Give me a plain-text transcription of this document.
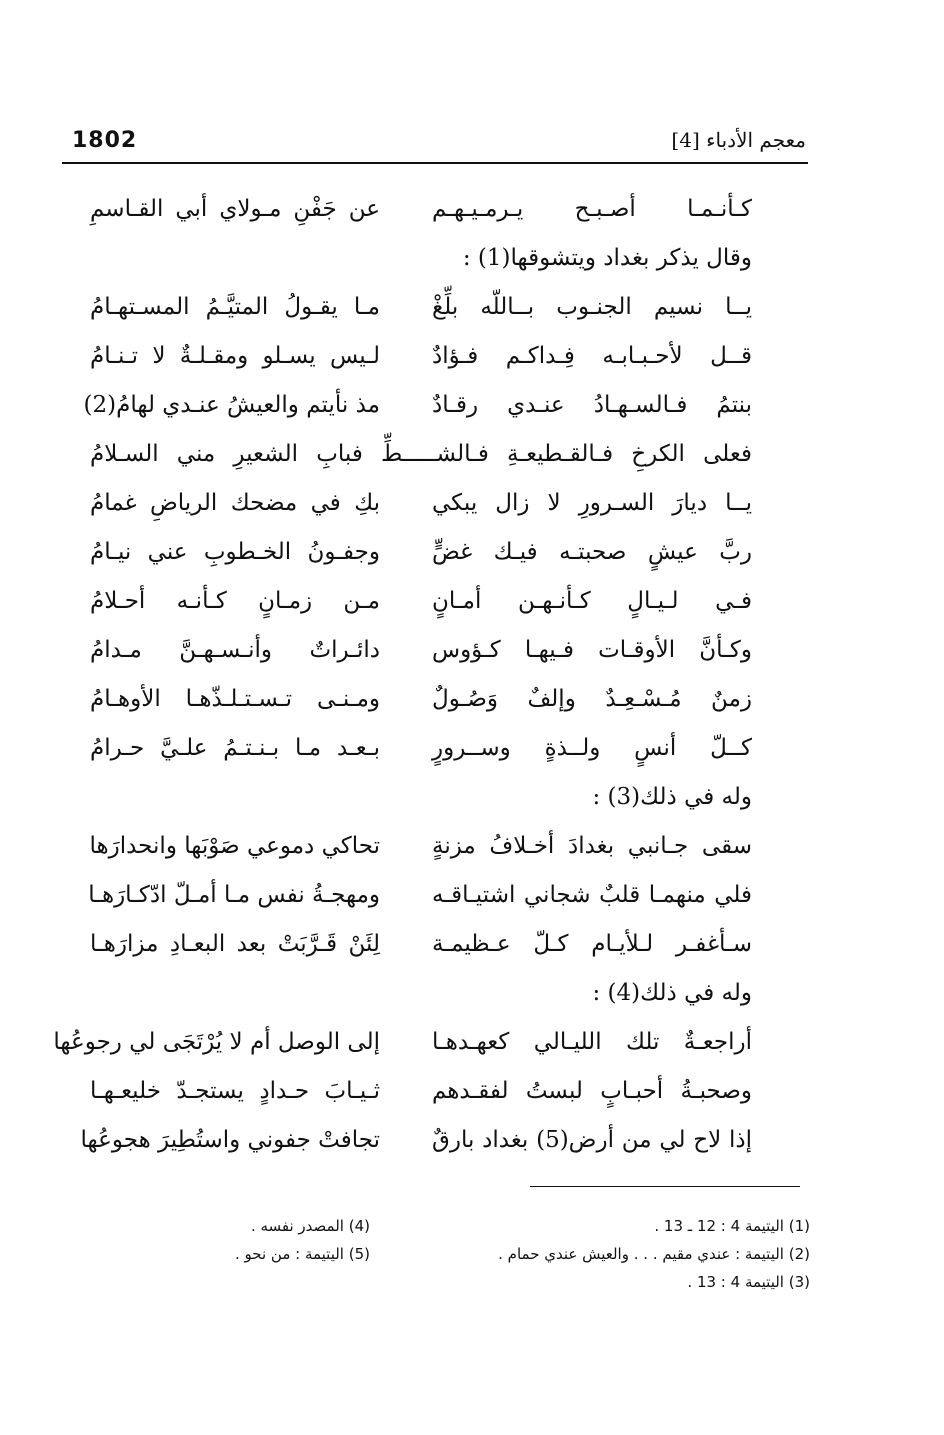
1802	معجم الأدباء [4]
كـأنـمـا أصـبـح يـرمـيـهـم
عن جَفْنِ مـولاي أبي القـاسمِ
وقال يذكر بغداد ويتشوقها(1) :
يــا نسيم الجنـوب بــاللّه بلِّغْ
مـا يقـولُ المتيَّـمُ المسـتهـامُ
قــل لأحـبـابـه فِـداكـم فـؤادٌ
لـيس يسـلو ومقـلـةٌ لا تـنـامُ
بنتمُ فـالسـهـادُ عنـدي رقـادٌ
مذ نأيتم والعيشُ عنـدي لهامُ(2)
فعلى الكرخِ فـالقـطيعـةِ فـالشـــــطِّ فبابِ الشعيرِ مني السـلامُ
يــا ديارَ السـرورِ لا زال يبكي
بكِ في مضحك الرياضِ غمامُ
ربَّ عيشٍ صحبتـه فيـك غضٍّ
وجفـونُ الخـطوبِ عني نيـامُ
فـي لـيـالٍ كـأنـهـن أمـانٍ
مـن زمـانٍ كـأنـه أحـلامُ
وكـأنَّ الأوقـات فـيهـا كـؤوس
دائـراتٌ وأنـسـهـنَّ مـدامُ
زمنٌ مُـسْـعِـدٌ وإلفٌ وَصُـولٌ
ومـنـى تـسـتـلـذّهـا الأوهـامُ
كــلّ أنسٍ ولــذةٍ وســرورٍ
بـعـد مـا بـنـتـمُ علـيَّ حـرامُ
وله في ذلك(3) :
سقى جـانبي بغدادَ أخـلافُ مزنةٍ
تحاكي دموعي صَوْبَها وانحدارَها
فلي منهمـا قلبٌ شجاني اشتيـاقـه
ومهجـةُ نفس مـا أمـلّ ادّكـارَهـا
سـأغفـر لـلأيـام كـلّ عـظيمـة
لِئَنْ قَـرَّبَتْ بعد البعـادِ مزارَهـا
وله في ذلك(4) :
أراجعـةٌ تلك الليـالي كعهـدهـا
إلى الوصل أم لا يُرْتَجَى لي رجوعُها
وصحبـةُ أحبـابٍ لبستُ لفقـدهم
ثـيـابَ حـدادٍ يستجـدّ خليعـهـا
إذا لاح لي من أرض(5) بغداد بارقٌ
تجافتْ جفوني واستُطِيرَ هجوعُها
(1) اليتيمة 4 : 12 ـ 13 .
(2) اليتيمة : عندي مقيم . . . والعيش عندي حمام .
(3) اليتيمة 4 : 13 .
(4) المصدر نفسه .
(5) اليتيمة : من نحو .
